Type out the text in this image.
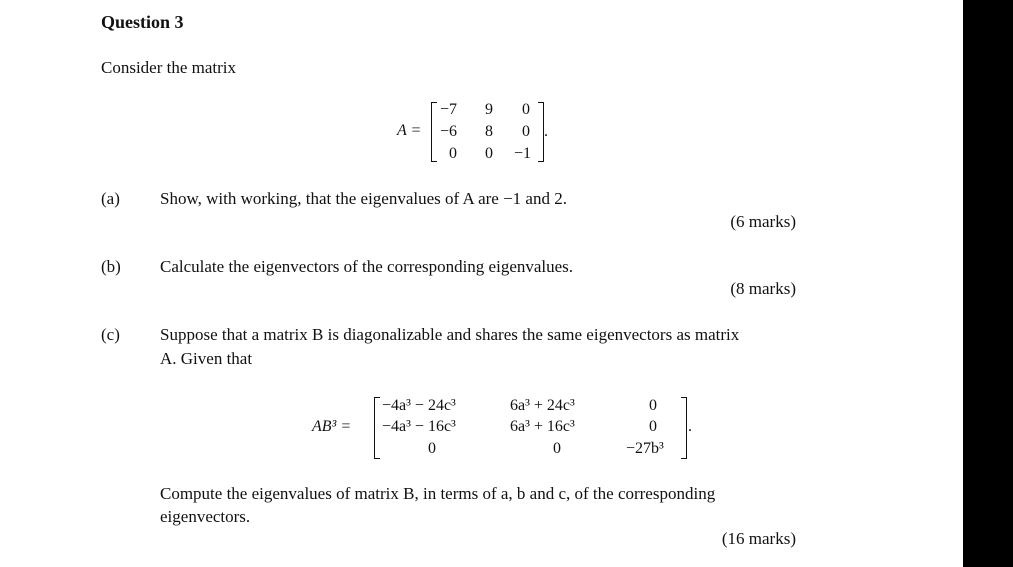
Question 3
Consider the matrix
A =
−7 9 0
−6 8 0
0 0 −1
.
(a) Show, with working, that the eigenvalues of A are −1 and 2.
(6 marks)
(b) Calculate the eigenvectors of the corresponding eigenvalues.
(8 marks)
(c) Suppose that a matrix B is diagonalizable and shares the same eigenvectors as matrix
A. Given that
AB³ =
−4a³ − 24c³	6a³ + 24c³	0
−4a³ − 16c³	6a³ + 16c³	0
0	0	−27b³
.
Compute the eigenvalues of matrix B, in terms of a, b and c, of the corresponding
eigenvectors.
(16 marks)
